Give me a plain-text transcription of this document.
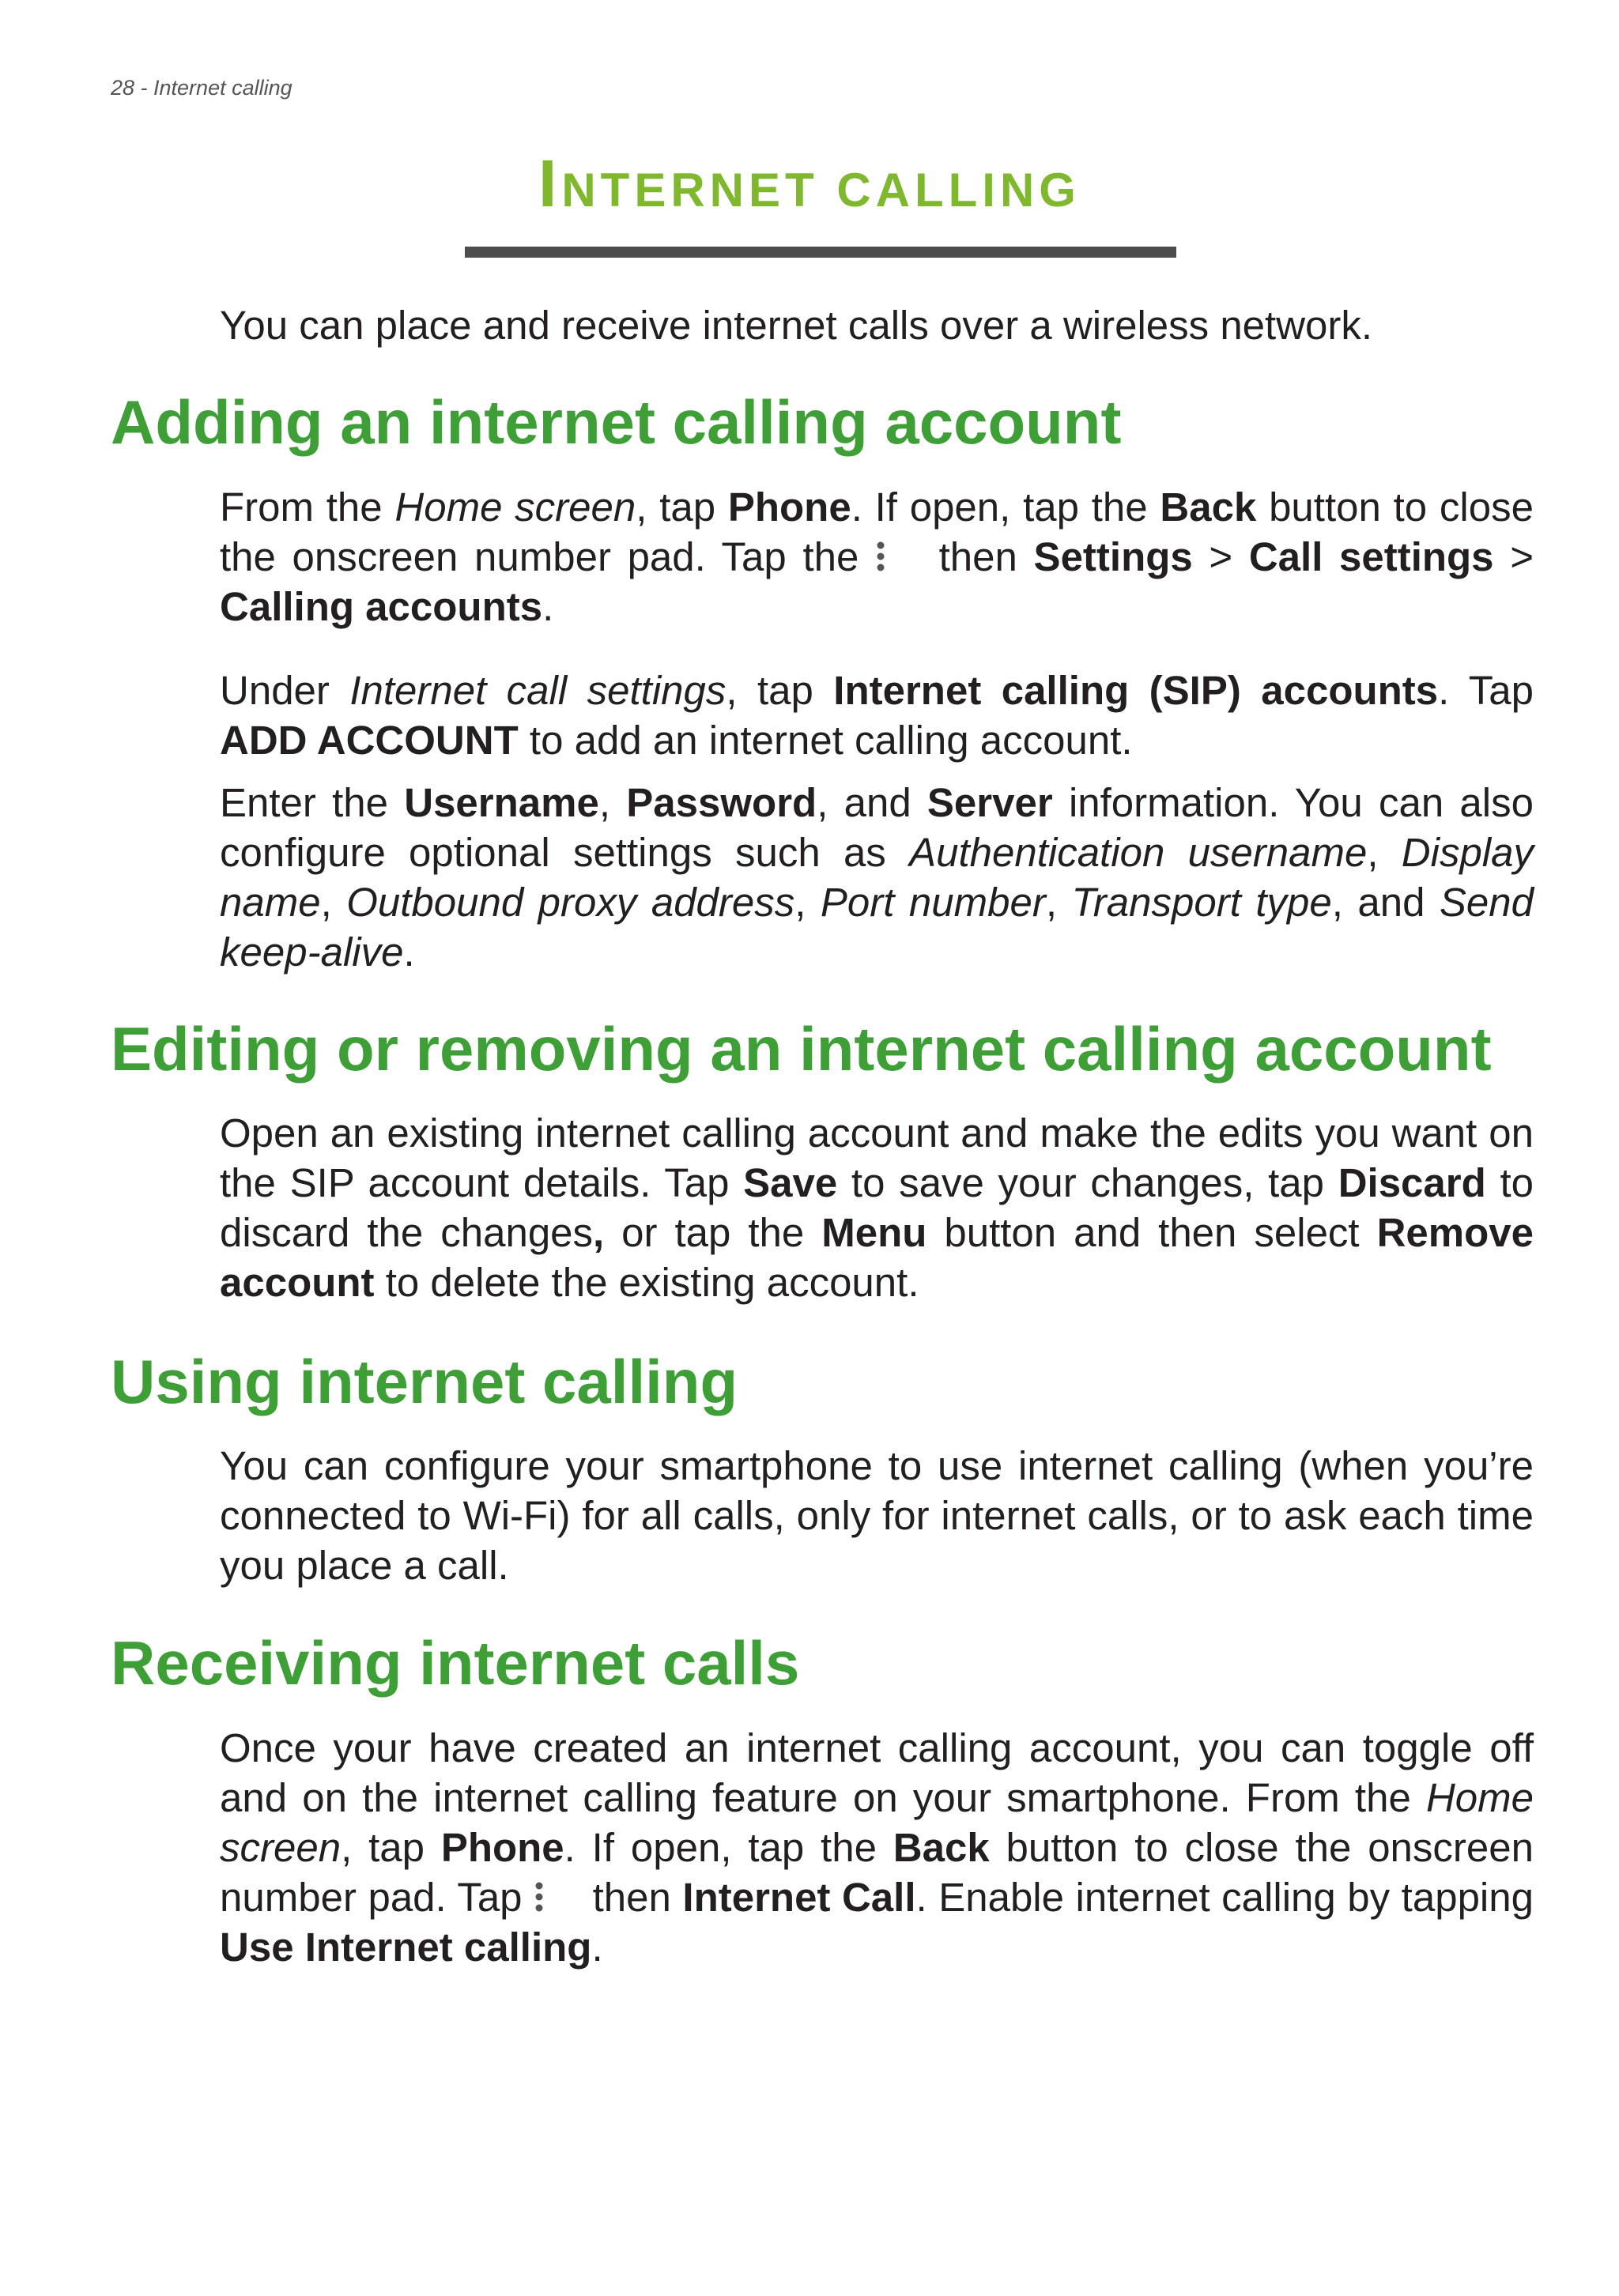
28 - Internet calling
INTERNET CALLING
You can place and receive internet calls over a wireless network.
Adding an internet calling account
From the Home screen, tap Phone. If open, tap the Back button to close the onscreen number pad. Tap the  then Settings > Call settings > Calling accounts.
Under Internet call settings, tap Internet calling (SIP) accounts. Tap ADD ACCOUNT to add an internet calling account.
Enter the Username, Password, and Server information. You can also configure optional settings such as Authentication username, Display name, Outbound proxy address, Port number, Transport type, and Send keep-alive.
Editing or removing an internet calling account
Open an existing internet calling account and make the edits you want on the SIP account details. Tap Save to save your changes, tap Discard to discard the changes, or tap the Menu button and then select Remove account to delete the existing account.
Using internet calling
You can configure your smartphone to use internet calling (when you’re connected to Wi-Fi) for all calls, only for internet calls, or to ask each time you place a call.
Receiving internet calls
Once your have created an internet calling account, you can toggle off and on the internet calling feature on your smartphone. From the Home screen, tap Phone. If open, tap the Back button to close the onscreen number pad. Tap  then Internet Call. Enable internet calling by tapping Use Internet calling.
